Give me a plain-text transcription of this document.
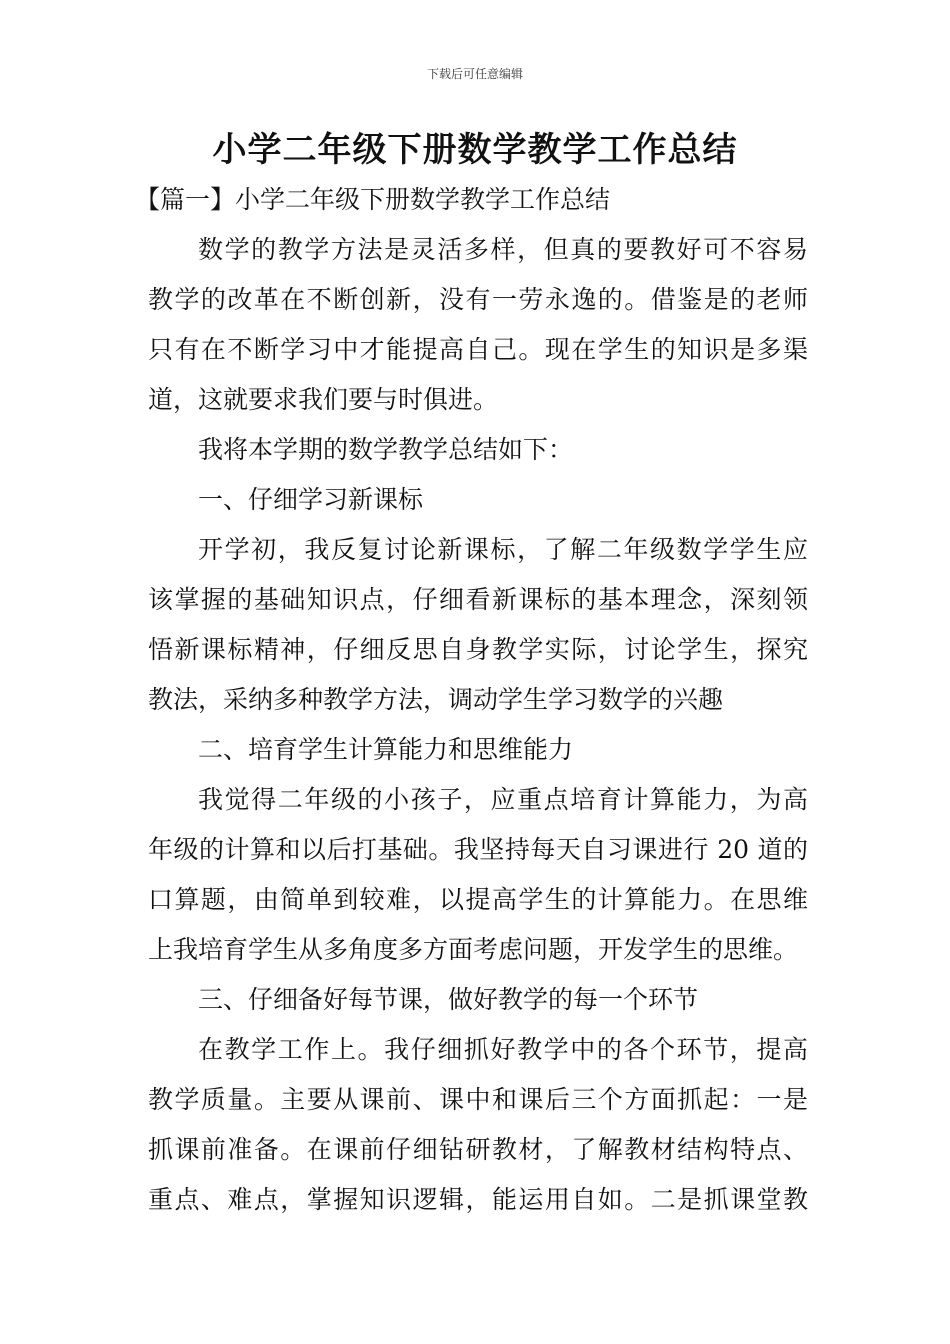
下载后可任意编辑
小学二年级下册数学教学工作总结

【篇一】小学二年级下册数学教学工作总结

数学的教学方法是灵活多样，但真的要教好可不容易

教学的改革在不断创新，没有一劳永逸的。借鉴是的老师

只有在不断学习中才能提高自己。现在学生的知识是多渠

道，这就要求我们要与时俱进。

我将本学期的数学教学总结如下：

一、仔细学习新课标

开学初，我反复讨论新课标，了解二年级数学学生应

该掌握的基础知识点，仔细看新课标的基本理念，深刻领

悟新课标精神，仔细反思自身教学实际，讨论学生，探究

教法，采纳多种教学方法，调动学生学习数学的兴趣

二、培育学生计算能力和思维能力

我觉得二年级的小孩子，应重点培育计算能力，为高

年级的计算和以后打基础。我坚持每天自习课进行 20 道的

口算题，由简单到较难，以提高学生的计算能力。在思维

上我培育学生从多角度多方面考虑问题，开发学生的思维。

三、仔细备好每节课，做好教学的每一个环节

在教学工作上。我仔细抓好教学中的各个环节，提高

教学质量。主要从课前、课中和课后三个方面抓起：一是

抓课前准备。在课前仔细钻研教材，了解教材结构特点、

重点、难点，掌握知识逻辑，能运用自如。二是抓课堂教
